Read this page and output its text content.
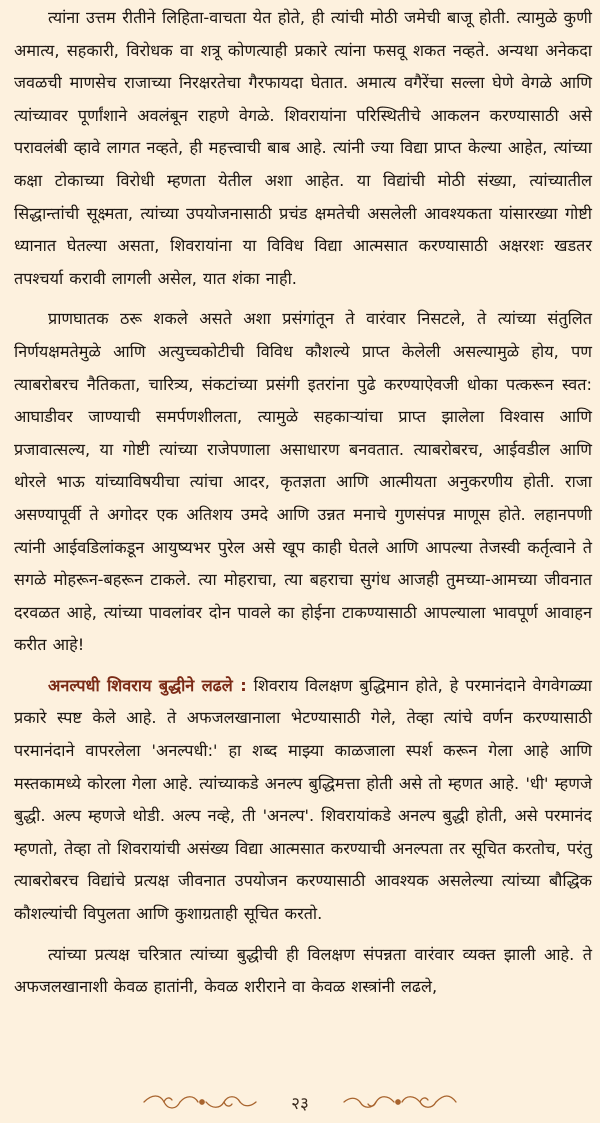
त्यांना उत्तम रीतीने लिहिता-वाचता येत होते, ही त्यांची मोठी जमेची बाजू होती. त्यामुळे कुणी अमात्य, सहकारी, विरोधक वा शत्रू कोणत्याही प्रकारे त्यांना फसवू शकत नव्हते. अन्यथा अनेकदा जवळची माणसेच राजाच्या निरक्षरतेचा गैरफायदा घेतात. अमात्य वगैरेंचा सल्ला घेणे वेगळे आणि त्यांच्यावर पूर्णांशाने अवलंबून राहणे वेगळे. शिवरायांना परिस्थितीचे आकलन करण्यासाठी असे परावलंबी व्हावे लागत नव्हते, ही महत्त्वाची बाब आहे. त्यांनी ज्या विद्या प्राप्त केल्या आहेत, त्यांच्या कक्षा टोकाच्या विरोधी म्हणता येतील अशा आहेत. या विद्यांची मोठी संख्या, त्यांच्यातील सिद्धान्तांची सूक्ष्मता, त्यांच्या उपयोजनासाठी प्रचंड क्षमतेची असलेली आवश्यकता यांसारख्या गोष्टी ध्यानात घेतल्या असता, शिवरायांना या विविध विद्या आत्मसात करण्यासाठी अक्षरशः खडतर तपश्चर्या करावी लागली असेल, यात शंका नाही.

प्राणघातक ठरू शकले असते अशा प्रसंगांतून ते वारंवार निसटले, ते त्यांच्या संतुलित निर्णयक्षमतेमुळे आणि अत्युच्चकोटीची विविध कौशल्ये प्राप्त केलेली असल्यामुळे होय, पण त्याबरोबरच नैतिकता, चारित्र्य, संकटांच्या प्रसंगी इतरांना पुढे करण्याऐवजी धोका पत्करून स्वत: आघाडीवर जाण्याची समर्पणशीलता, त्यामुळे सहकाऱ्यांचा प्राप्त झालेला विश्वास आणि प्रजावात्सल्य, या गोष्टी त्यांच्या राजेपणाला असाधारण बनवतात. त्याबरोबरच, आईवडील आणि थोरले भाऊ यांच्याविषयीचा त्यांचा आदर, कृतज्ञता आणि आत्मीयता अनुकरणीय होती. राजा असण्यापूर्वी ते अगोदर एक अतिशय उमदे आणि उन्नत मनाचे गुणसंपन्न माणूस होते. लहानपणी त्यांनी आईवडिलांकडून आयुष्यभर पुरेल असे खूप काही घेतले आणि आपल्या तेजस्वी कर्तृत्वाने ते सगळे मोहरून-बहरून टाकले. त्या मोहराचा, त्या बहराचा सुगंध आजही तुमच्या-आमच्या जीवनात दरवळत आहे, त्यांच्या पावलांवर दोन पावले का होईना टाकण्यासाठी आपल्याला भावपूर्ण आवाहन करीत आहे!

अनल्पधी शिवराय बुद्धीने लढले : शिवराय विलक्षण बुद्धिमान होते, हे परमानंदाने वेगवेगळ्या प्रकारे स्पष्ट केले आहे. ते अफजलखानाला भेटण्यासाठी गेले, तेव्हा त्यांचे वर्णन करण्यासाठी परमानंदाने वापरलेला 'अनल्पधी:' हा शब्द माझ्या काळजाला स्पर्श करून गेला आहे आणि मस्तकामध्ये कोरला गेला आहे. त्यांच्याकडे अनल्प बुद्धिमत्ता होती असे तो म्हणत आहे. 'धी' म्हणजे बुद्धी. अल्प म्हणजे थोडी. अल्प नव्हे, ती 'अनल्प'. शिवरायांकडे अनल्प बुद्धी होती, असे परमानंद म्हणतो, तेव्हा तो शिवरायांची असंख्य विद्या आत्मसात करण्याची अनल्पता तर सूचित करतोच, परंतु त्याबरोबरच विद्यांचे प्रत्यक्ष जीवनात उपयोजन करण्यासाठी आवश्यक असलेल्या त्यांच्या बौद्धिक कौशल्यांची विपुलता आणि कुशाग्रताही सूचित करतो.

त्यांच्या प्रत्यक्ष चरित्रात त्यांच्या बुद्धीची ही विलक्षण संपन्नता वारंवार व्यक्त झाली आहे. ते अफजलखानाशी केवळ हातांनी, केवळ शरीराने वा केवळ शस्त्रांनी लढले,

२३
